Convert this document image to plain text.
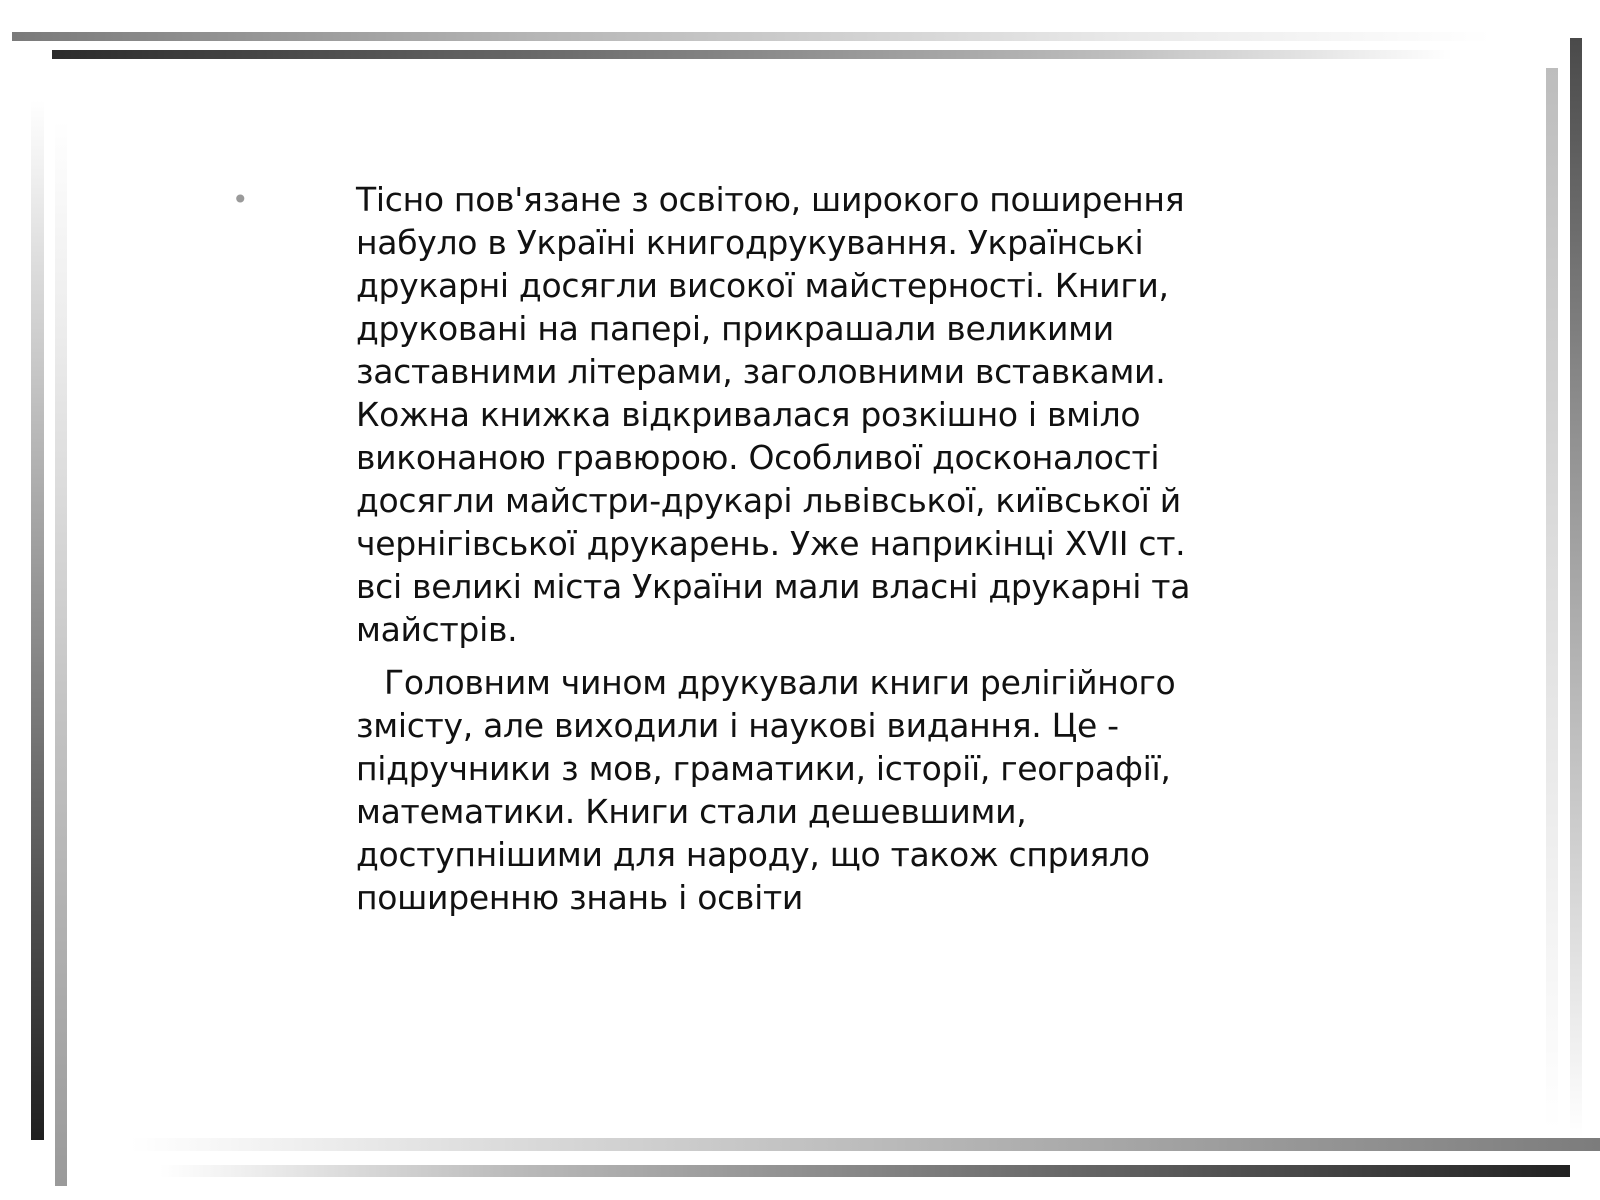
•	Тісно пов'язане з освітою, широкого поширення
набуло в Україні книгодрукування. Українські
друкарні досягли високої майстерності. Книги,
друковані на папері, прикрашали великими
заставними літерами, заголовними вставками.
Кожна книжка відкривалася розкішно і вміло
виконаною гравюрою. Особливої досконалості
досягли майстри-друкарі львівської, київської й
чернігівської друкарень. Уже наприкінці XVII ст.
всі великі міста України мали власні друкарні та
майстрів.

Головним чином друкували книги релігійного
змісту, але виходили і наукові видання. Це -
підручники з мов, граматики, історії, географії,
математики. Книги стали дешевшими,
доступнішими для народу, що також сприяло
поширенню знань і освіти
